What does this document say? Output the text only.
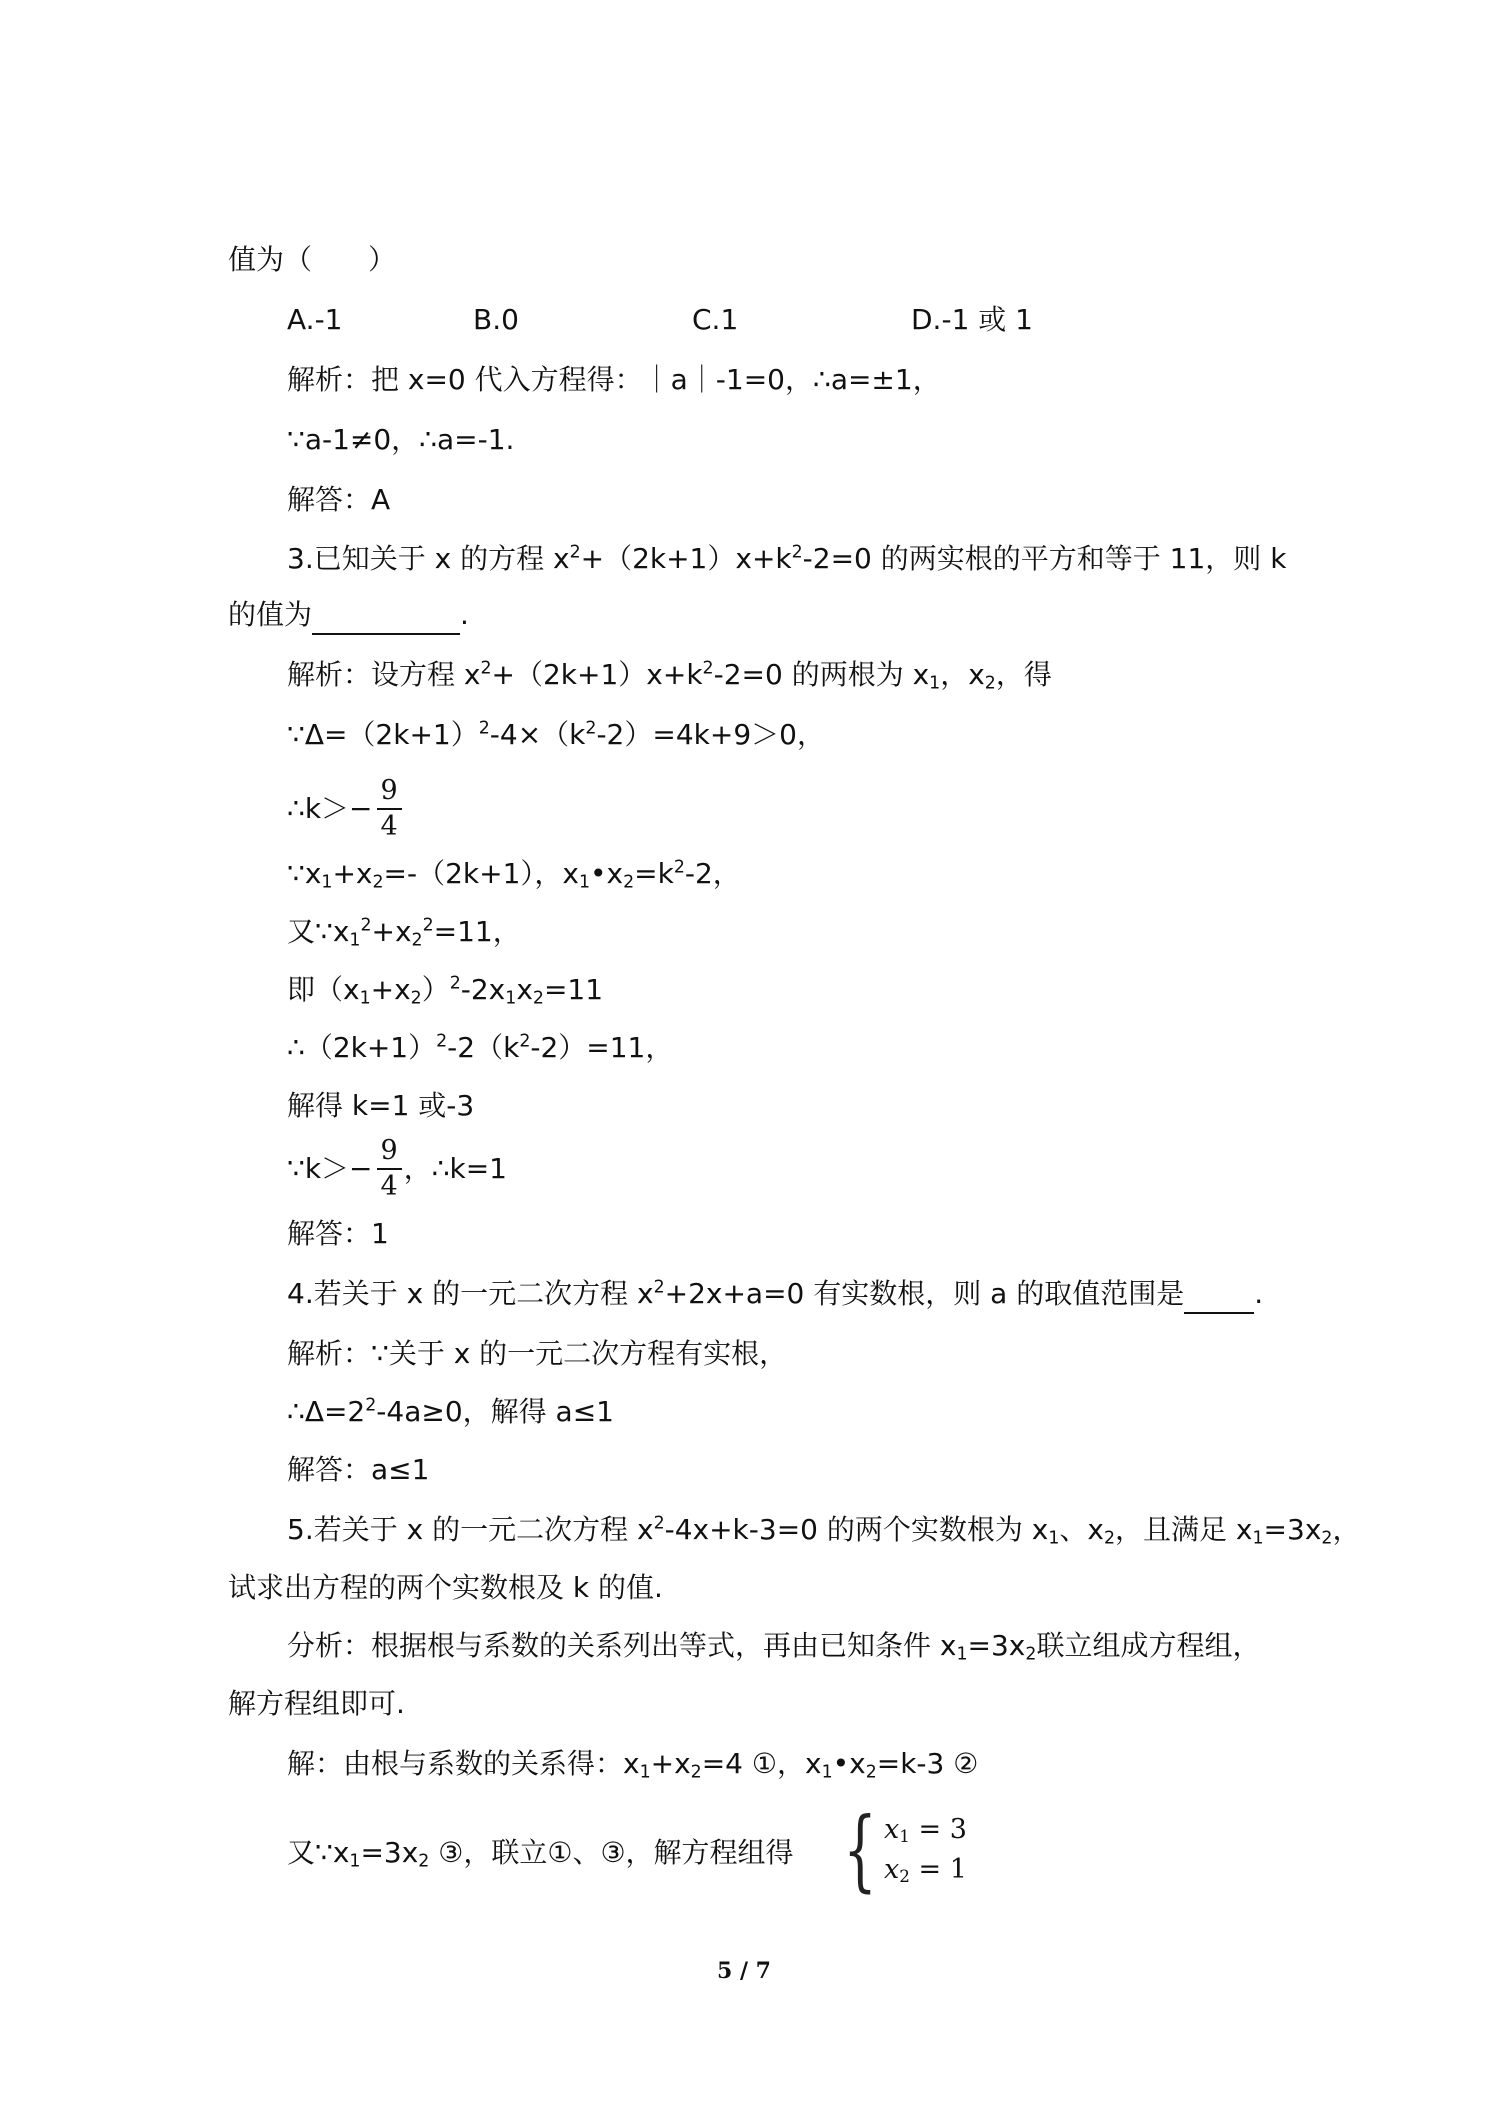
值为（　　）
A.-1	B.0	C.1	D.-1 或 1
解析：把 x=0 代入方程得：｜a｜-1=0，∴a=±1，
∵a-1≠0，∴a=-1.
解答：A
3.已知关于 x 的方程 $x^2+(2k+1)x+k^2-2=0$ 的两实根的平方和等于 11，则 k
的值为	.
解析：设方程 $x^2+(2k+1)x+k^2-2=0$ 的两根为 $x_1$，$x_2$，得
$\because\Delta=(2k+1)^2-4\times(k^2-2)=4k+9>0$，
∴k＞ − $\frac{9}{4}$
$\because x_1+x_2=-(2k+1)$，$x_1•x_2=k^2-2$，
又$\because x_1^2+x_2^2=11$，
即$(x_1+x_2)^2-2x_1x_2=11$
$\therefore(2k+1)^2-2(k^2-2)=11$，
解得 k=1 或-3
∵k＞ − $\frac{9}{4}$ ，∴k=1
解答：1
4.若关于 x 的一元二次方程 $x^2+2x+a=0$ 有实数根，则 a 的取值范围是	.
解析：∵关于 x 的一元二次方程有实根，
$\therefore\Delta=2^2-4a\ge 0$，解得 a≤1
解答：a≤1
5.若关于 x 的一元二次方程 $x^2-4x+k-3=0$ 的两个实数根为 $x_1$、$x_2$，且满足 $x_1=3x_2$，
试求出方程的两个实数根及 k 的值.
分析：根据根与系数的关系列出等式，再由已知条件 $x_1=3x_2$联立组成方程组，
解方程组即可.
解：由根与系数的关系得：$x_1+x_2=4$ ①，$x_1•x_2=k-3$ ②
又$\because x_1=3x_2$ ③，联立①、③，解方程组得 { $x_1 = 3$
$x_2 = 1$
5 / 7
